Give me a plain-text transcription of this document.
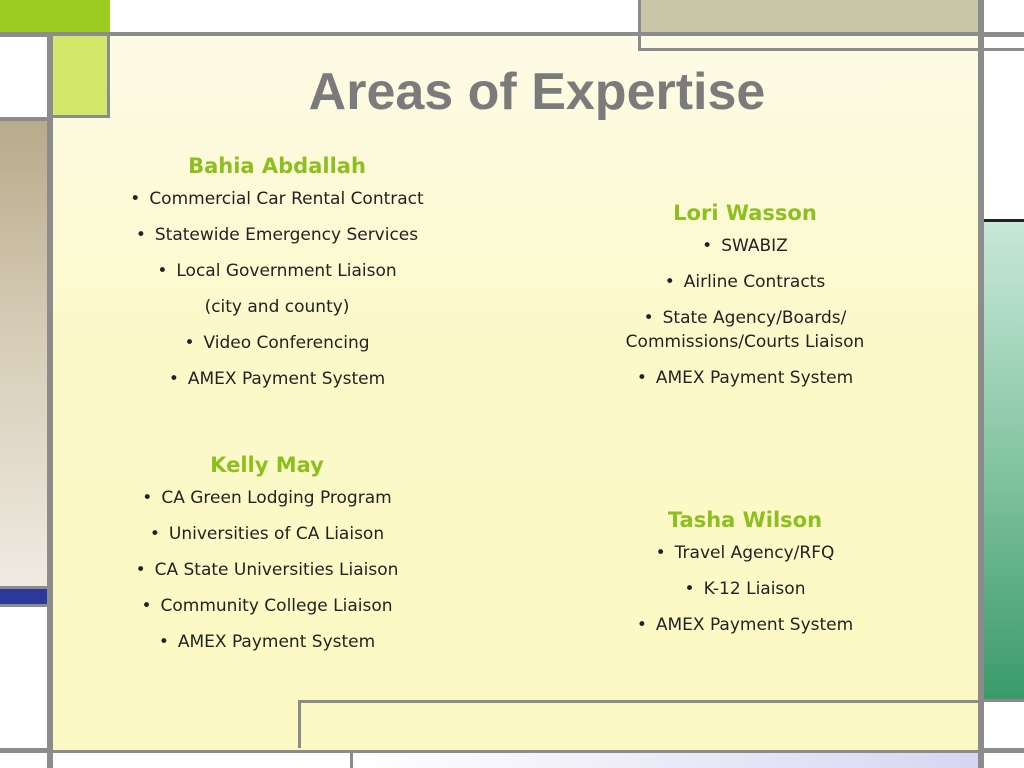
Areas of Expertise
Bahia Abdallah
• Commercial Car Rental Contract
• Statewide Emergency Services
• Local Government Liaison
(city and county)
• Video Conferencing
• AMEX Payment System
Lori Wasson
• SWABIZ
• Airline Contracts
• State Agency/Boards/
Commissions/Courts Liaison
• AMEX Payment System
Kelly May
• CA Green Lodging Program
• Universities of CA Liaison
• CA State Universities Liaison
• Community College Liaison
• AMEX Payment System
Tasha Wilson
• Travel Agency/RFQ
• K-12 Liaison
• AMEX Payment System
